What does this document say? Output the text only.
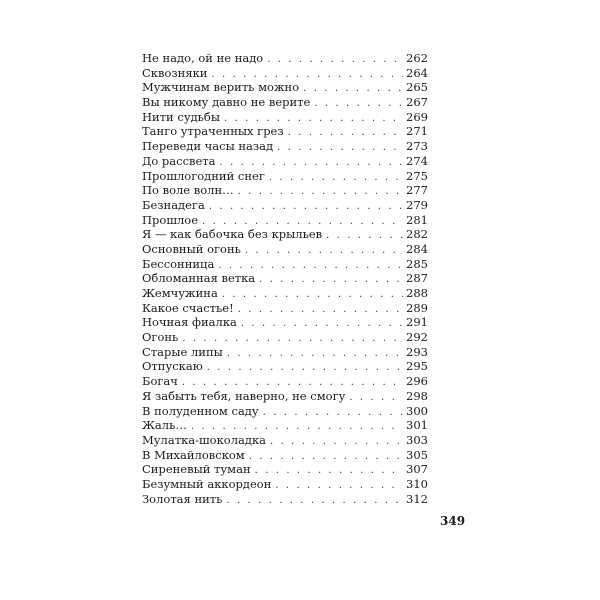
Не надо, ой не надо . . .	262
Сквозняки . . .	264
Мужчинам верить можно . . .	265
Вы никому давно не верите . . .	267
Нити судьбы . . .	269
Танго утраченных грез . . .	271
Переведи часы назад . . .	273
До рассвета . . .	274
Прошлогодний снег . . .	275
По воле волн… . . .	277
Безнадега . . .	279
Прошлое . . .	281
Я — как бабочка без крыльев . . .	282
Основный огонь . . .	284
Бессонница . . .	285
Обломанная ветка . . .	287
Жемчужина . . .	288
Какое счастье! . . .	289
Ночная фиалка . . .	291
Огонь . . .	292
Старые липы . . .	293
Отпускаю . . .	295
Богач . . .	296
Я забыть тебя, наверно, не смогу . . .	298
В полуденном саду . . .	300
Жаль… . . .	301
Мулатка-шоколадка . . .	303
В Михайловском . . .	305
Сиреневый туман . . .	307
Безумный аккордеон . . .	310
Золотая нить . . .	312
349
